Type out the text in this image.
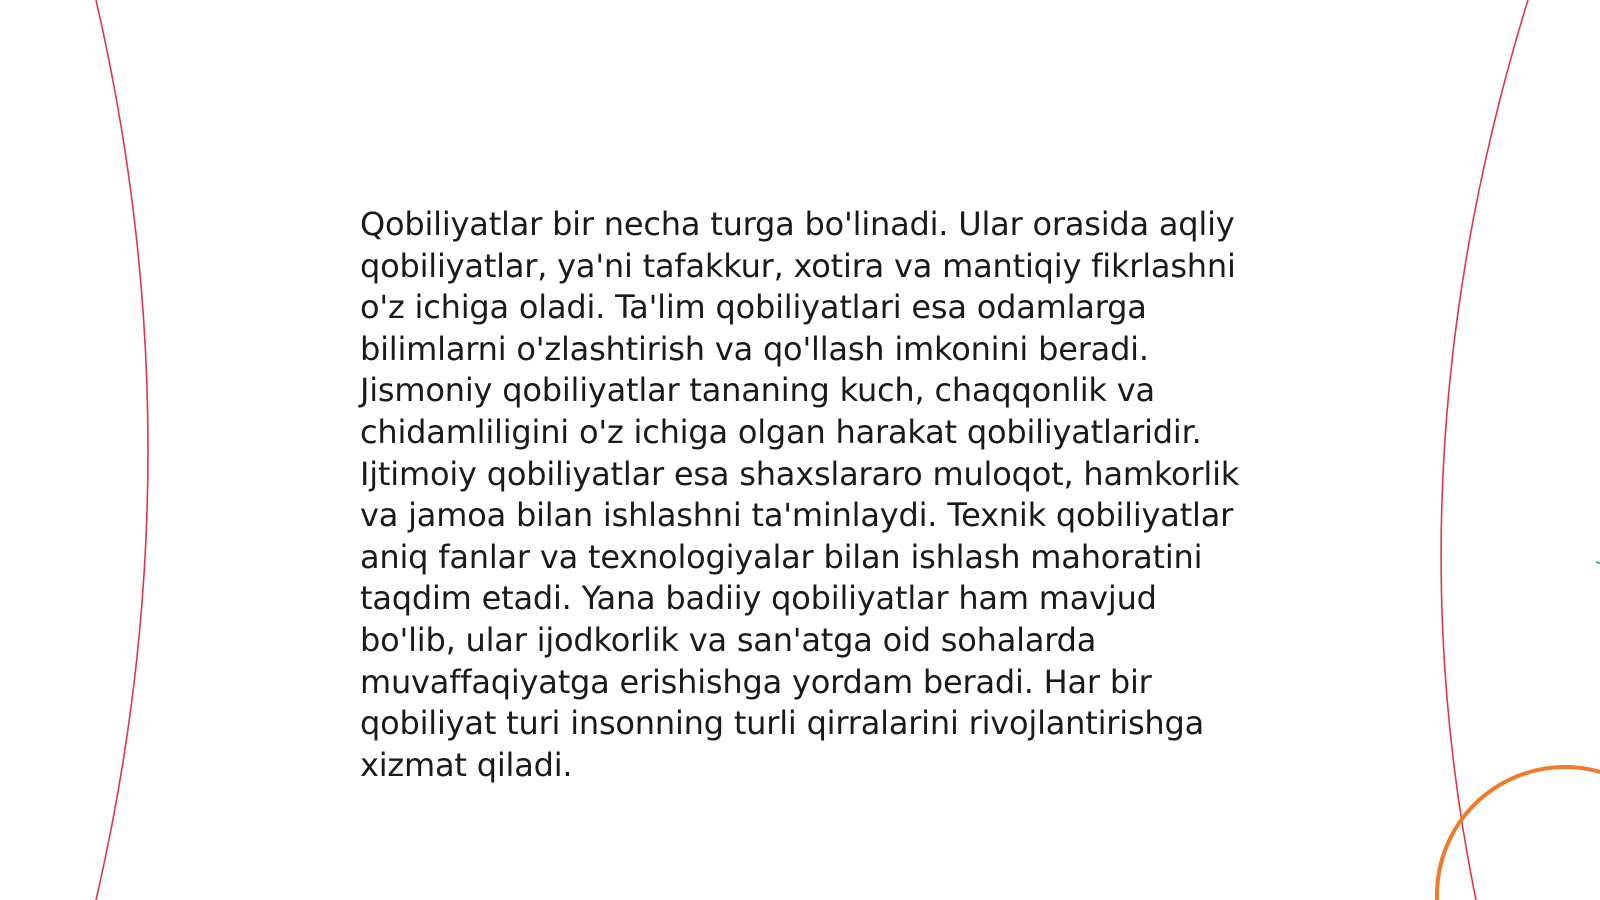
Qobiliyatlar bir necha turga bo'linadi. Ular orasida aqliy qobiliyatlar, ya'ni tafakkur, xotira va mantiqiy fikrlashni o'z ichiga oladi. Ta'lim qobiliyatlari esa odamlarga bilimlarni o'zlashtirish va qo'llash imkonini beradi. Jismoniy qobiliyatlar tananing kuch, chaqqonlik va chidamliligini o'z ichiga olgan harakat qobiliyatlaridir. Ijtimoiy qobiliyatlar esa shaxslararo muloqot, hamkorlik va jamoa bilan ishlashni ta'minlaydi. Texnik qobiliyatlar aniq fanlar va texnologiyalar bilan ishlash mahoratini taqdim etadi. Yana badiiy qobiliyatlar ham mavjud bo'lib, ular ijodkorlik va san'atga oid sohalarda muvaffaqiyatga erishishga yordam beradi. Har bir qobiliyat turi insonning turli qirralarini rivojlantirishga xizmat qiladi.
